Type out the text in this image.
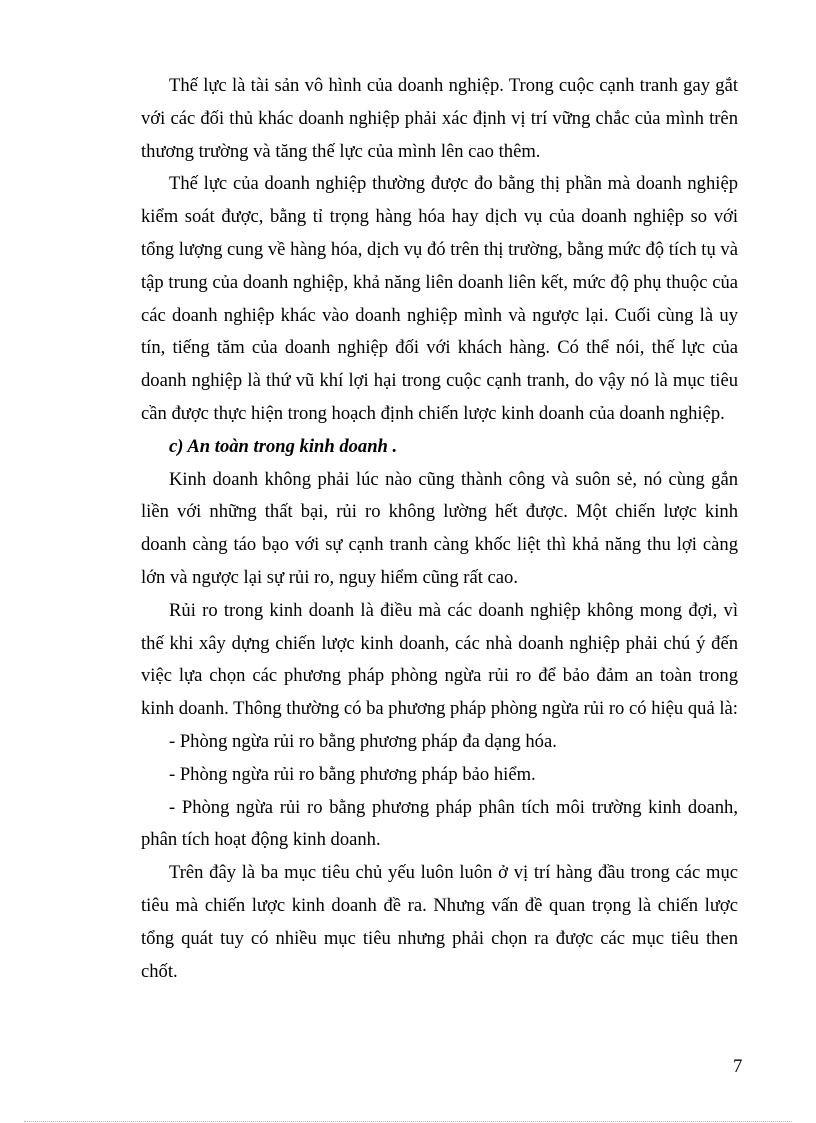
Thế lực là tài sản vô hình của doanh nghiệp. Trong cuộc cạnh tranh gay gắt với các đối thủ khác doanh nghiệp phải xác định vị trí vững chắc của mình trên thương trường và tăng thế lực của mình lên cao thêm.

Thế lực của doanh nghiệp thường được đo bằng thị phần mà doanh nghiệp kiểm soát được, bằng tỉ trọng hàng hóa hay dịch vụ của doanh nghiệp so với tổng lượng cung về hàng hóa, dịch vụ đó trên thị trường, bằng mức độ tích tụ và tập trung của doanh nghiệp, khả năng liên doanh liên kết, mức độ phụ thuộc của các doanh nghiệp khác vào doanh nghiệp mình và ngược lại. Cuối cùng là uy tín, tiếng tăm của doanh nghiệp đối với khách hàng. Có thể nói, thế lực của doanh nghiệp là thứ vũ khí lợi hại trong cuộc cạnh tranh, do vậy nó là mục tiêu cần được thực hiện trong hoạch định chiến lược kinh doanh của doanh nghiệp.

c) An toàn trong kinh doanh .

Kinh doanh không phải lúc nào cũng thành công và suôn sẻ, nó cùng gắn liền với những thất bại, rủi ro không lường hết được. Một chiến lược kinh doanh càng táo bạo với sự cạnh tranh càng khốc liệt thì khả năng thu lợi càng lớn và ngược lại sự rủi ro, nguy hiểm cũng rất cao.

Rủi ro trong kinh doanh là điều mà các doanh nghiệp không mong đợi, vì thế khi xây dựng chiến lược kinh doanh, các nhà doanh nghiệp phải chú ý đến việc lựa chọn các phương pháp phòng ngừa rủi ro để bảo đảm an toàn trong kinh doanh. Thông thường có ba phương pháp phòng ngừa rủi ro có hiệu quả là:

- Phòng ngừa rủi ro bằng phương pháp đa dạng hóa.

- Phòng ngừa rủi ro bằng phương pháp bảo hiểm.

- Phòng ngừa rủi ro bằng phương pháp phân tích môi trường kinh doanh, phân tích hoạt động kinh doanh.

Trên đây là ba mục tiêu chủ yếu luôn luôn ở vị trí hàng đầu trong các mục tiêu mà chiến lược kinh doanh đề ra. Nhưng vấn đề quan trọng là chiến lược tổng quát tuy có nhiều mục tiêu nhưng phải chọn ra được các mục tiêu then chốt.

7
